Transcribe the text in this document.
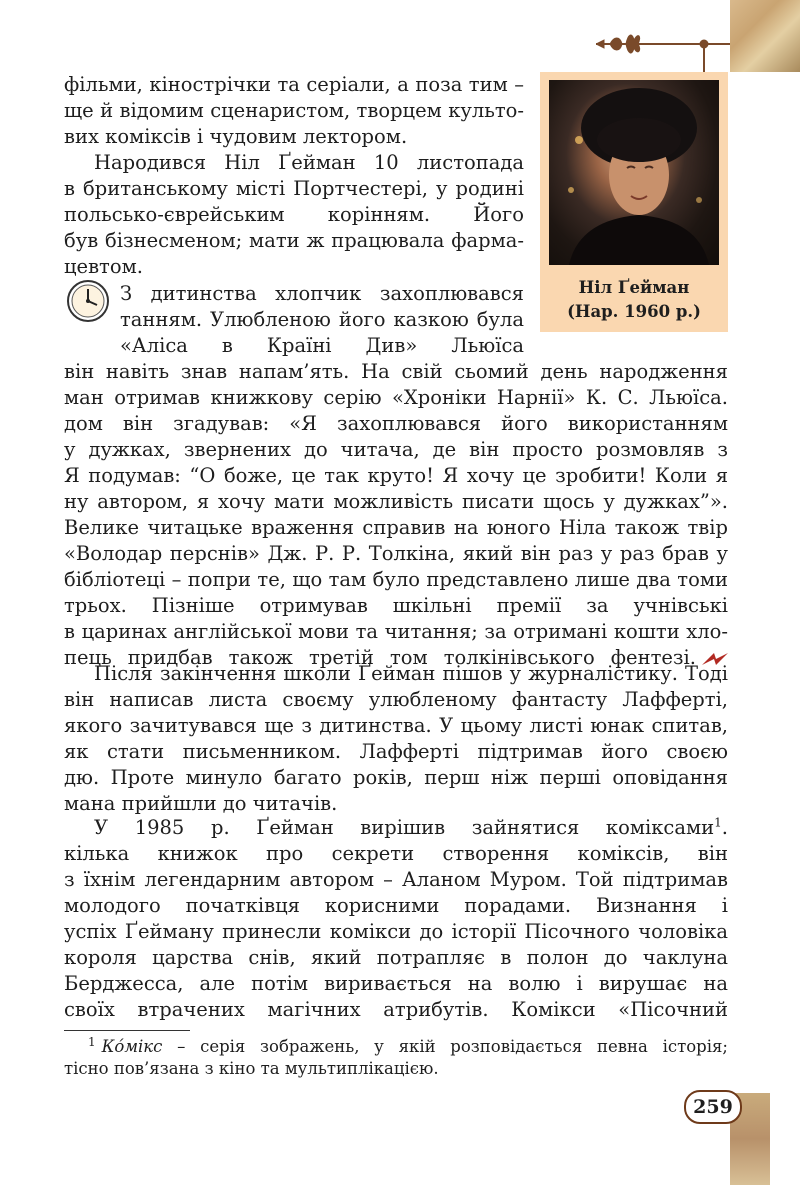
фільми, кінострічки та серіали, а поза тим –
ще й відомим сценаристом, творцем культо-
вих коміксів і чудовим лектором.
Народився Ніл Ґейман 10 листопада
в британському місті Портчестері, у родині
польсько-єврейським корінням. Його
був бізнесменом; мати ж працювала фарма-
цевтом.
Ніл Ґейман
(Нар. 1960 р.)
З дитинства хлопчик захоплювався
танням. Улюбленою його казкою була
«Аліса в Країні Див» Льюїса
він навіть знав напам’ять. На свій сьомий день народження
ман отримав книжкову серію «Хроніки Нарнії» К. С. Льюїса.
дом він згадував: «Я захоплювався його використанням
у дужках, звернених до читача, де він просто розмовляв з
Я подумав: “О боже, це так круто! Я хочу це зробити! Коли я
ну автором, я хочу мати можливість писати щось у дужках”».
Велике читацьке враження справив на юного Ніла також твір
«Володар перснів» Дж. Р. Р. Толкіна, який він раз у раз брав у
бібліотеці – попри те, що там було представлено лише два томи
трьох. Пізніше отримував шкільні премії за учнівські
в царинах англійської мови та читання; за отримані кошти хло-
пець придбав також третій том толкінівського фентезі.
Після закінчення школи Ґейман пішов у журналістику. Тоді
він написав листа своєму улюбленому фантасту Лафферті,
якого зачитувався ще з дитинства. У цьому листі юнак спитав,
як стати письменником. Лафферті підтримав його своєю
дю. Проте минуло багато років, перш ніж перші оповідання
мана прийшли до читачів.
У 1985 р. Ґейман вирішив зайнятися коміксами$^1$.
кілька книжок про секрети створення коміксів, він
з їхнім легендарним автором – Аланом Муром. Той підтримав
молодого початківця корисними порадами. Визнання і
успіх Ґейману принесли комікси до історії Пісочного чоловіка
короля царства снів, який потрапляє в полон до чаклуна
Берджесса, але потім виривається на волю і вирушає на
своїх втрачених магічних атрибутів. Комікси «Пісочний
$^1$ Ко́мікс – серія зображень, у якій розповідається певна історія;
тісно пов’язана з кіно та мультиплікацією.
259
